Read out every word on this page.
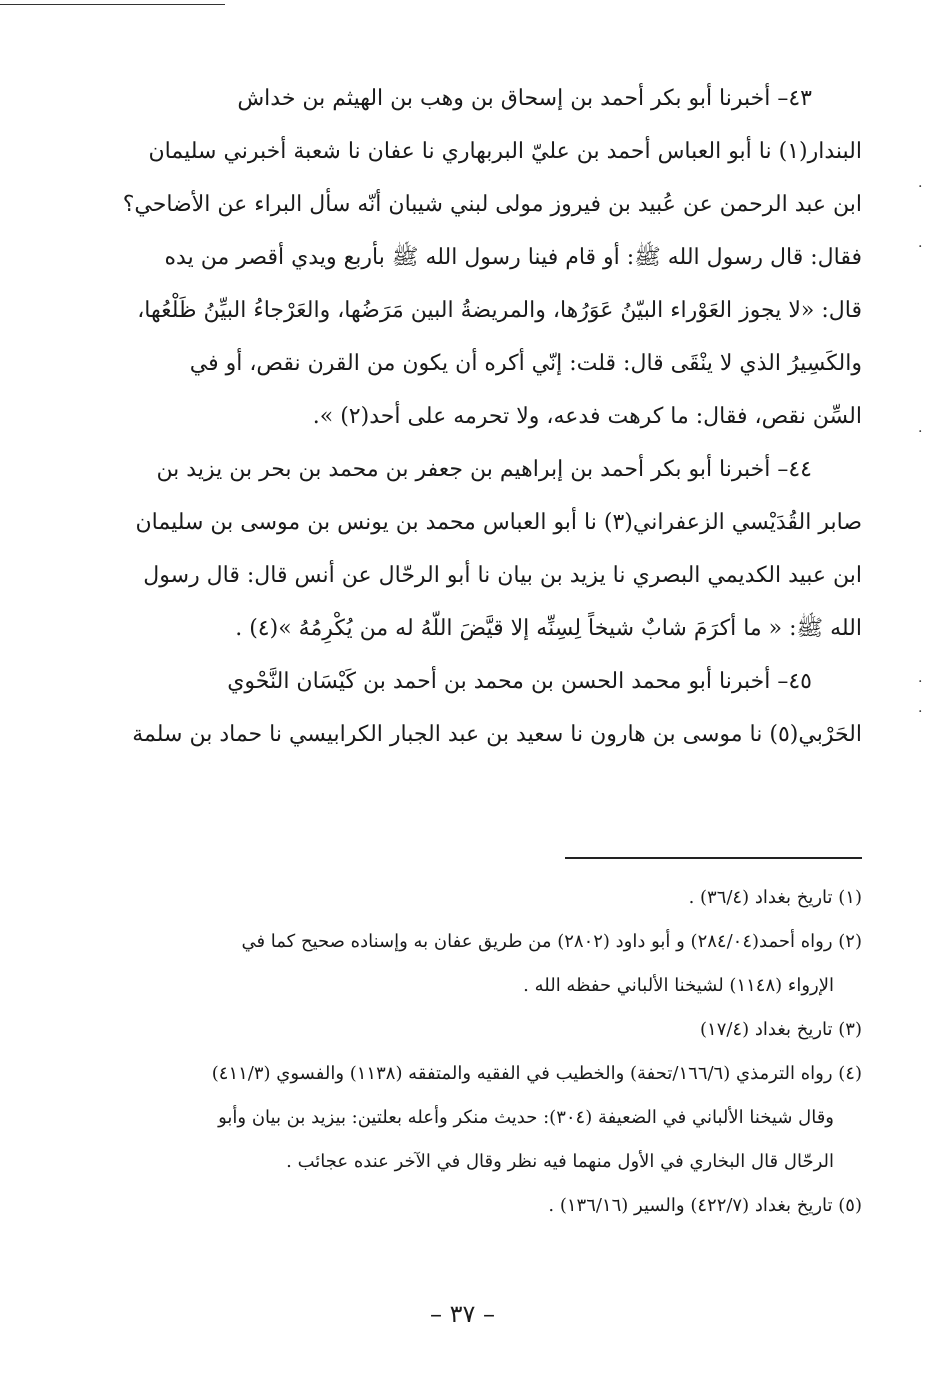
٤٣– أخبرنا أبو بكر أحمد بن إسحاق بن وهب بن الهيثم بن خداش
البندار(١) نا أبو العباس أحمد بن عليّ البربهاري نا عفان نا شعبة أخبرني سليمان
ابن عبد الرحمن عن عُبيد بن فيروز مولى لبني شيبان أنّه سأل البراء عن الأضاحي؟
فقال: قال رسول الله ﷺ: أو قام فينا رسول الله ﷺ بأربع ويدي أقصر من يده
قال: «لا يجوز العَوْراء البيّنُ عَوَرُها، والمريضةُ البين مَرَضُها، والعَرْجاءُ البيِّنُ ظَلْعُها،
والكَسِيرُ الذي لا ينْقَى قال: قلت: إنّي أكره أن يكون من القرن نقص، أو في
السِّن نقص، فقال: ما كرهت فدعه، ولا تحرمه على أحد(٢) ».
٤٤– أخبرنا أبو بكر أحمد بن إبراهيم بن جعفر بن محمد بن بحر بن يزيد بن
صابر القُدَيْسي الزعفراني(٣) نا أبو العباس محمد بن يونس بن موسى بن سليمان
ابن عبيد الكديمي البصري نا يزيد بن بيان نا أبو الرحّال عن أنس قال: قال رسول
الله ﷺ: « ما أكرَمَ شابٌ شيخاً لِسِنِّه إلا قيَّضَ اللّهُ له من يُكْرِمُهُ »(٤) .
٤٥– أخبرنا أبو محمد الحسن بن محمد بن أحمد بن كَيْسَان النَّحْوي
الحَرْبي(٥) نا موسى بن هارون نا سعيد بن عبد الجبار الكرابيسي نا حماد بن سلمة
(١) تاريخ بغداد (٣٦/٤) .
(٢) رواه أحمد(٢٨٤/٠٤) و أبو داود (٢٨٠٢) من طريق عفان به وإسناده صحيح كما في
الإرواء (١١٤٨) لشيخنا الألباني حفظه الله .
(٣) تاريخ بغداد (١٧/٤)
(٤) رواه الترمذي (١٦٦/٦/تحفة) والخطيب في الفقيه والمتفقه (١١٣٨) والفسوي (٤١١/٣)
وقال شيخنا الألباني في الضعيفة (٣٠٤): حديث منكر وأعله بعلتين: بيزيد بن بيان وأبو
الرحّال قال البخاري في الأول منهما فيه نظر وقال في الآخر عنده عجائب .
(٥) تاريخ بغداد (٤٢٢/٧) والسير (١٣٦/١٦) .
– ٣٧ –
.
.
.
.
.
